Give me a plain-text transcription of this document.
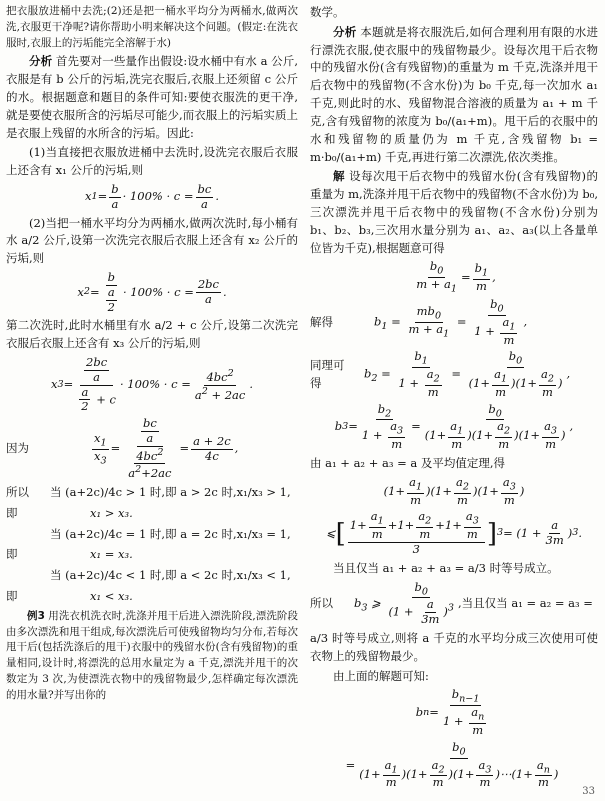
把衣服放进桶中去洗;(2)还是把一桶水平均分为两桶水,做两次洗,衣服更干净呢?请你帮助小明来解决这个问题。(假定:在洗衣服时,衣服上的污垢能完全溶解于水)

分析 首先要对一些量作出假设:设水桶中有水 a 公斤,衣服是有 b 公斤的污垢,洗完衣服后,衣服上还须留 c 公斤的水。根据题意和题目的条件可知:要使衣服洗的更干净,就是要使衣服所含的污垢尽可能少,而衣服上的污垢实质上是衣服上残留的水所含的污垢。因此:

(1)当直接把衣服放进桶中去洗时,设洗完衣服后衣服上还含有 x₁ 公斤的污垢,则

x $1 = \frac{b}{a} \cdot 100\% \cdot c = \frac{bc}{a}$ .

(2)当把一桶水平均分为两桶水,做两次洗时,每小桶有水 a/2 公斤,设第一次洗完衣服后衣服上还含有 x₂ 公斤的污垢,则

x $2 = \frac{b}{\frac{a}{2}} \cdot 100\% \cdot c = \frac{2bc}{a}$ .

第二次洗时,此时水桶里有水 a/2 + c 公斤,设第二次洗完衣服后衣服上还含有 x₃ 公斤的污垢,则

x $3 = \frac{\frac{2bc}{a}}{\frac{a}{2} + c} \cdot 100\% \cdot c = \frac{4bc^2}{a^2 + 2ac}$ .
因为	$\frac{x_1}{x_3} = \frac{\frac{bc}{a}}{\frac{4bc^2}{a^2+2ac}} = \frac{a + 2c}{4c}$ ,
所以	当 (a+2c)/4c > 1 时,即 a > 2c 时,x₁/x₃ > 1,
即	x₁ > x₃.
当 (a+2c)/4c = 1 时,即 a = 2c 时,x₁/x₃ = 1,
即	x₁ = x₃.
当 (a+2c)/4c < 1 时,即 a < 2c 时,x₁/x₃ < 1,
即	x₁ < x₃.

例3 用洗衣机洗衣时,洗涤并甩干后进入漂洗阶段,漂洗阶段由多次漂洗和甩干组成,每次漂洗后可使残留物均匀分布,若每次甩干后(包括洗涤后的甩干)衣服中的残留水份(含有残留物)的重量相同,设计时,将漂洗的总用水量定为 a 千克,漂洗并甩干的次数定为 3 次,为使漂洗衣物中的残留物最少,怎样确定每次漂洗的用水量?并写出你的

数学。

分析 本题就是将衣服洗后,如何合理利用有限的水进行漂洗衣服,使衣服中的残留物最少。设每次甩干后衣物中的残留水份(含有残留物)的重量为 m 千克,洗涤并甩干后衣物中的残留物(不含水份)为 b₀ 千克,每一次加水 a₁ 千克,则此时的水、残留物混合溶液的质量为 a₁ + m 千克,含有残留物的浓度为 b₀/(a₁+m)。甩干后的衣服中的水和残留物的质量仍为 m 千克,含残留物 b₁ = m·b₀/(a₁+m) 千克,再进行第二次漂洗,依次类推。

解 设每次甩干后衣物中的残留水份(含有残留物)的重量为 m,洗涤并甩干后衣物中的残留物(不含水份)为 b₀,三次漂洗并甩干后衣物中的残留物(不含水份)分别为 b₁、b₂、b₃,三次用水量分别为 a₁、a₂、a₃(以上各量单位皆为千克),根据题意可得

$\frac{b_0}{m + a_1} = \frac{b_1}{m}$ ,
解得	$b_1 = \frac{mb_0}{m + a_1} = \frac{b_0}{1 + \frac{a_1}{m}}$ ,
同理可得
$b_2 = \frac{b_1}{1 + \frac{a_2}{m}} = \frac{b_0}{(1+ \frac{a_1}{m} )(1+ \frac{a_2}{m} )}$ ,
b $3 = \frac{b_2}{1 + \frac{a_3}{m}} = \frac{b_0}{(1+ \frac{a_1}{m} )(1+ \frac{a_2}{m} )(1+ \frac{a_3}{m} )}$ ,

由 a₁ + a₂ + a₃ = a 及平均值定理,得

$(1+ \frac{a_1}{m} )(1+ \frac{a_2}{m} )(1+ \frac{a_3}{m}$ )
⩽ [ $\frac{1+ \frac{a_1}{m} +1+ \frac{a_2}{m} +1+ \frac{a_3}{m}}{3}$ ] $3 = (1 + \frac{a}{3m}$ ) 3 .

当且仅当 a₁ + a₂ + a₃ = a/3 时等号成立。

所以	$b_3$ ⩾ $\frac{b_0}{(1 + \frac{a}{3m} )^3}$ ,当且仅当 a₁ = a₂ = a₃ =

a/3 时等号成立,则将 a 千克的水平均分成三次使用可使衣物上的残留物最少。

由上面的解题可知:

b $n = \frac{b_{n-1}}{1 + \frac{a_n}{m}}$
= $\frac{b_0}{(1+ \frac{a_1}{m} )(1+ \frac{a_2}{m} )(1+ \frac{a_3}{m} )\cdots(1+ \frac{a_n}{m} )}$
33
